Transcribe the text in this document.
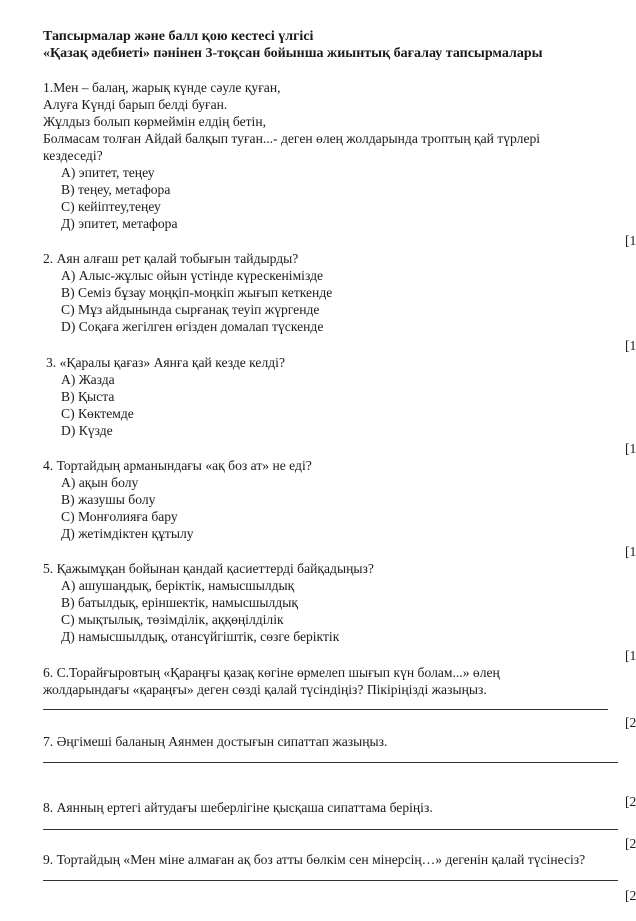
Тапсырмалар және балл қою кестесі үлгісі
«Қазақ әдебиеті» пәнінен 3-тоқсан бойынша жиынтық бағалау тапсырмалары
1.Мен – балаң, жарық күнде сәуле қуған,
Алуға Күнді барып белді буған.
Жұлдыз болып көрмеймін елдің бетін,
Болмасам толған Айдай балқып туған...- деген өлең жолдарында троптың қай түрлері
кездеседі?
А) эпитет, теңеу
В) теңеу, метафора
С) кейіптеу,теңеу
Д) эпитет, метафора
[1
2. Аян алғаш рет қалай тобығын тайдырды?
А) Алыс-жұлыс ойын үстінде күрескенімізде
В) Семіз бұзау моңқіп-моңкіп жығып кеткенде
С) Мұз айдынында сырғанақ теуіп жүргенде
D) Соқаға жегілген өгізден домалап түскенде
[1
3. «Қаралы қағаз» Аянға қай кезде келді?
А) Жазда
В) Қыста
С) Көктемде
D) Күзде
[1
4. Тортайдың арманындағы «ақ боз ат» не еді?
А) ақын болу
В) жазушы болу
С) Монғолияға бару
Д) жетімдіктен құтылу
[1
5. Қажымұқан бойынан қандай қасиеттерді байқадыңыз?
А) ашушаңдық, беріктік, намысшылдық
В) батылдық, еріншектік, намысшылдық
С) мықтылық, төзімділік, аққөңілділік
Д) намысшылдық, отансүйгіштік, сөзге беріктік
[1
6. С.Торайғыровтың «Қараңғы қазақ көгіне өрмелеп шығып күн болам...» өлең
жолдарындағы «қараңғы» деген сөзді қалай түсіндіңіз? Пікіріңізді жазыңыз.
[2
7. Әңгімеші баланың Аянмен достығын сипаттап жазыңыз.
[2
8. Аянның ертегі айтудағы шеберлігіне қысқаша сипаттама беріңіз.
[2
9. Тортайдың «Мен міне алмаған ақ боз атты бөлкім сен мінерсің…» дегенін қалай түсінесіз?
[2
